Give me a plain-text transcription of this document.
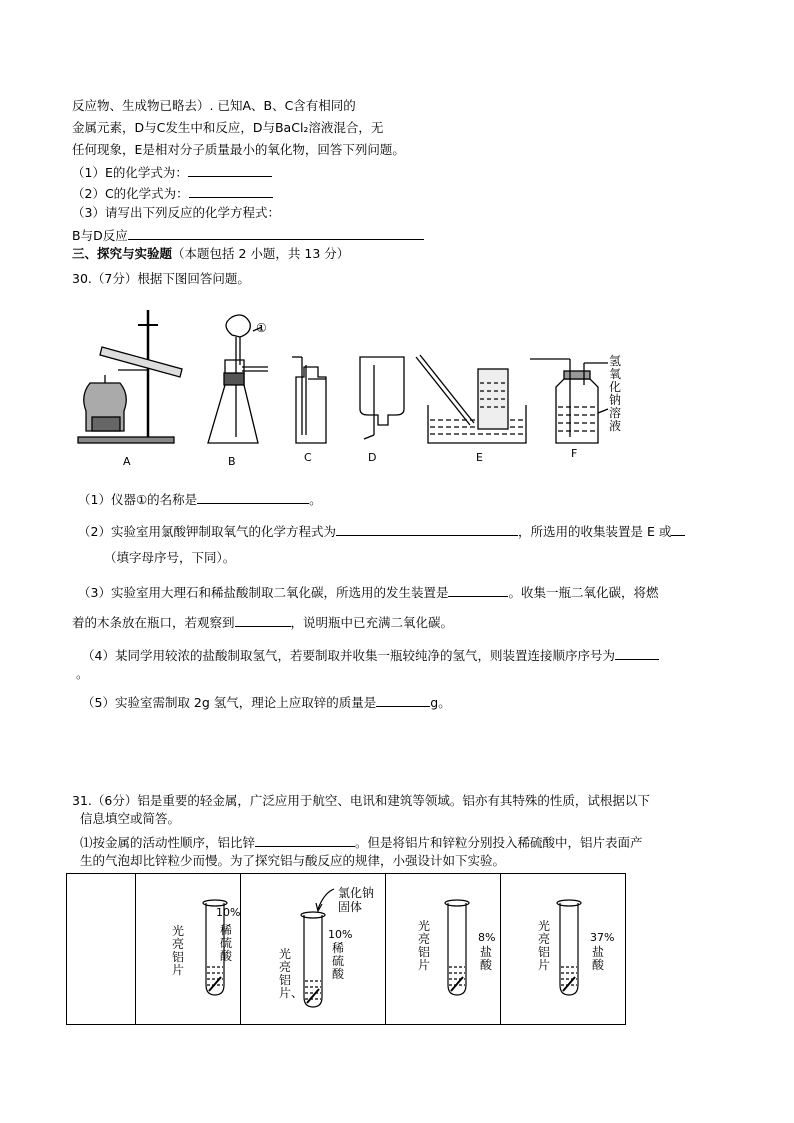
反应物、生成物已略去）. 已知A、B、C含有相同的
金属元素，D与C发生中和反应，D与BaCl₂溶液混合，无
任何现象，E是相对分子质量最小的氧化物，回答下列问题。
（1）E的化学式为：
（2）C的化学式为：
（3）请写出下列反应的化学方程式：
B与D反应
三、探究与实验题（本题包括 2 小题，共 13 分）
30.（7分）根据下图回答问题。
①
A	B	C	D	E	F
氢
氧
化
钠
溶
液
（1）仪器①的名称是	。
（2）实验室用氯酸钾制取氧气的化学方程式为	，所选用的收集装置是 E 或
（填字母序号，下同）。
（3）实验室用大理石和稀盐酸制取二氧化碳，所选用的发生装置是	。收集一瓶二氧化碳，将燃
着的木条放在瓶口，若观察到	，说明瓶中已充满二氧化碳。
（4）某同学用较浓的盐酸制取氢气，若要制取并收集一瓶较纯净的氢气，则装置连接顺序序号为
。
（5）实验室需制取 2g 氢气，理论上应取锌的质量是	g。
31.（6分）铝是重要的轻金属，广泛应用于航空、电讯和建筑等领域。铝亦有其特殊的性质，试根据以下
信息填空或简答。
⑴按金属的活动性顺序，铝比锌	。但是将铝片和锌粒分别投入稀硫酸中，铝片表面产
生的气泡却比锌粒少而慢。为了探究铝与酸反应的规律，小强设计如下实验。

光亮铝片
10%
稀硫酸
氯化钠固体
光亮铝片、
10%
稀硫酸
光亮铝片
8%
盐酸
光亮铝片
37%
盐酸
